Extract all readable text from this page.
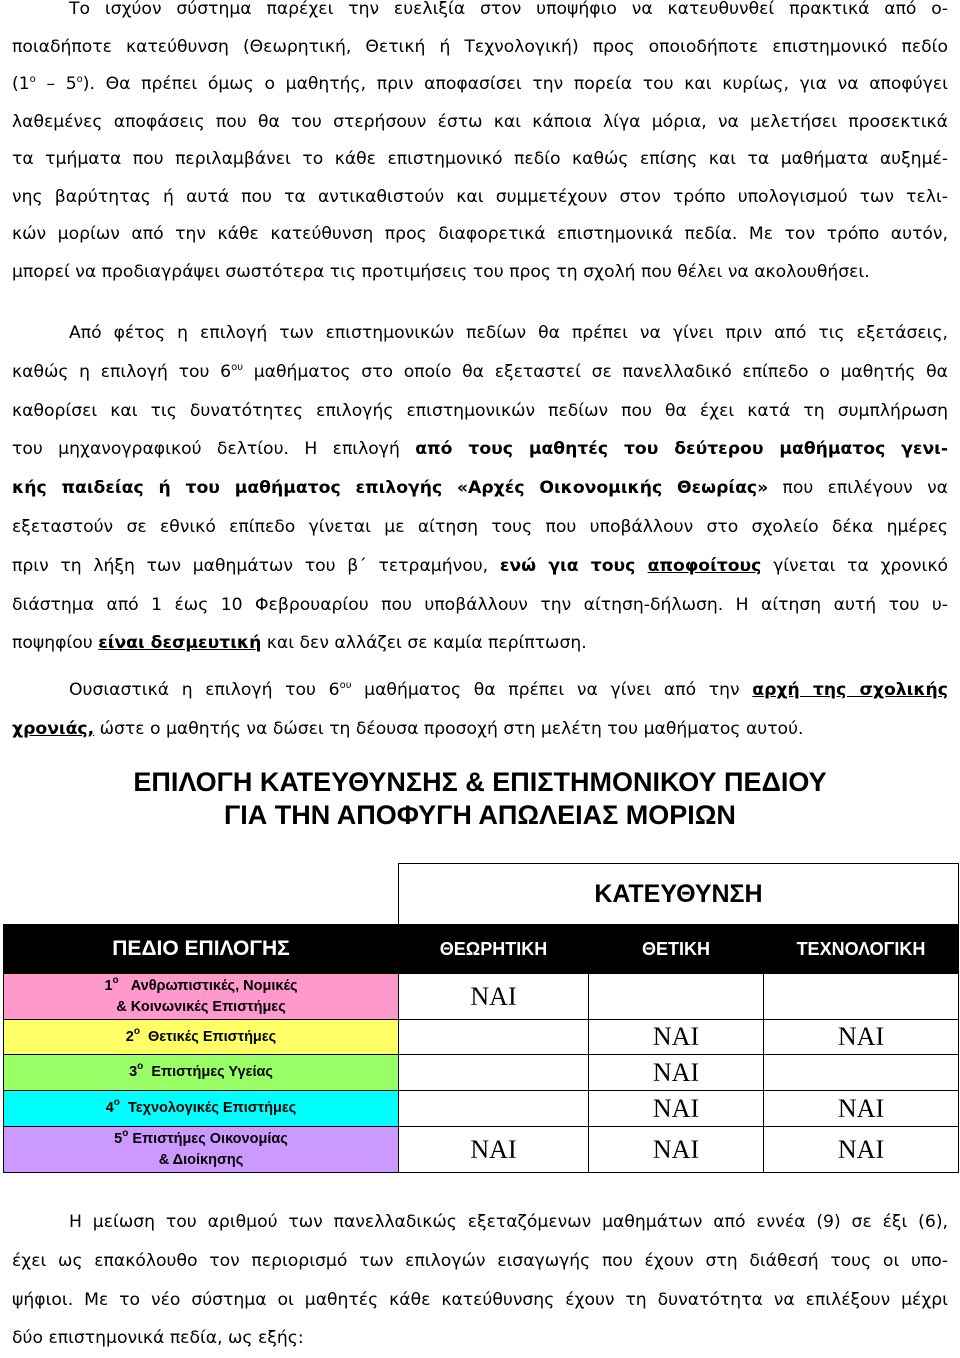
Το ισχύον σύστημα παρέχει την ευελιξία στον υποψήφιο να κατευθυνθεί πρακτικά από ο-
ποιαδήποτε κατεύθυνση (Θεωρητική, Θετική ή Τεχνολογική) προς οποιοδήποτε επιστημονικό πεδίο
$(1^o - 5^o)$. Θα πρέπει όμως ο μαθητής, πριν αποφασίσει την πορεία του και κυρίως, για να αποφύγει
λαθεμένες αποφάσεις που θα του στερήσουν έστω και κάποια λίγα μόρια, να μελετήσει προσεκτικά
τα τμήματα που περιλαμβάνει το κάθε επιστημονικό πεδίο καθώς επίσης και τα μαθήματα αυξημέ-
νης βαρύτητας ή αυτά που τα αντικαθιστούν και συμμετέχουν στον τρόπο υπολογισμού των τελι-
κών μορίων από την κάθε κατεύθυνση προς διαφορετικά επιστημονικά πεδία. Με τον τρόπο αυτόν,
μπορεί να προδιαγράψει σωστότερα τις προτιμήσεις του προς τη σχολή που θέλει να ακολουθήσει.
Από φέτος η επιλογή των επιστημονικών πεδίων θα πρέπει να γίνει πριν από τις εξετάσεις,
καθώς η επιλογή του $6^{o\upsilon}$ μαθήματος στο οποίο θα εξεταστεί σε πανελλαδικό επίπεδο ο μαθητής θα
καθορίσει και τις δυνατότητες επιλογής επιστημονικών πεδίων που θα έχει κατά τη συμπλήρωση
του μηχανογραφικού δελτίου. Η επιλογή από τους μαθητές του δεύτερου μαθήματος γενι-
κής παιδείας ή του μαθήματος επιλογής «Αρχές Οικονομικής Θεωρίας» που επιλέγουν να
εξεταστούν σε εθνικό επίπεδο γίνεται με αίτηση τους που υποβάλλουν στο σχολείο δέκα ημέρες
πριν τη λήξη των μαθημάτων του β΄ τετραμήνου, ενώ για τους αποφοίτους γίνεται τα χρονικό
διάστημα από 1 έως 10 Φεβρουαρίου που υποβάλλουν την αίτηση-δήλωση. Η αίτηση αυτή του υ-
ποψηφίου είναι δεσμευτική και δεν αλλάζει σε καμία περίπτωση.
Ουσιαστικά η επιλογή του $6^{o\upsilon}$ μαθήματος θα πρέπει να γίνει από την αρχή της σχολικής
χρονιάς, ώστε ο μαθητής να δώσει τη δέουσα προσοχή στη μελέτη του μαθήματος αυτού.
ΕΠΙΛΟΓΗ ΚΑΤΕΥΘΥΝΣΗΣ & ΕΠΙΣΤΗΜΟΝΙΚΟΥ ΠΕΔΙΟΥ
ΓΙΑ ΤΗΝ ΑΠΟΦΥΓΗ ΑΠΩΛΕΙΑΣ ΜΟΡΙΩΝ
	ΚΑΤΕΥΘΥΝΣΗ		
ΠΕΔΙΟ ΕΠΙΛΟΓΗΣ	ΘΕΩΡΗΤΙΚΗ	ΘΕΤΙΚΗ	ΤΕΧΝΟΛΟΓΙΚΗ

$1^o$ Ανθρωπιστικές, Νομικές
& Κοινωνικές Επιστήμες	ΝΑΙ		
$2^o$ Θετικές Επιστήμες		ΝΑΙ	ΝΑΙ
$3^o$ Επιστήμες Υγείας		ΝΑΙ	
$4^o$ Τεχνολογικές Επιστήμες		ΝΑΙ	ΝΑΙ

$5^o$ Επιστήμες Οικονομίας
& Διοίκησης	ΝΑΙ	ΝΑΙ	ΝΑΙ
Η μείωση του αριθμού των πανελλαδικώς εξεταζόμενων μαθημάτων από εννέα (9) σε έξι (6),
έχει ως επακόλουθο τον περιορισμό των επιλογών εισαγωγής που έχουν στη διάθεσή τους οι υπο-
ψήφιοι. Με το νέο σύστημα οι μαθητές κάθε κατεύθυνσης έχουν τη δυνατότητα να επιλέξουν μέχρι
δύο επιστημονικά πεδία, ως εξής:
